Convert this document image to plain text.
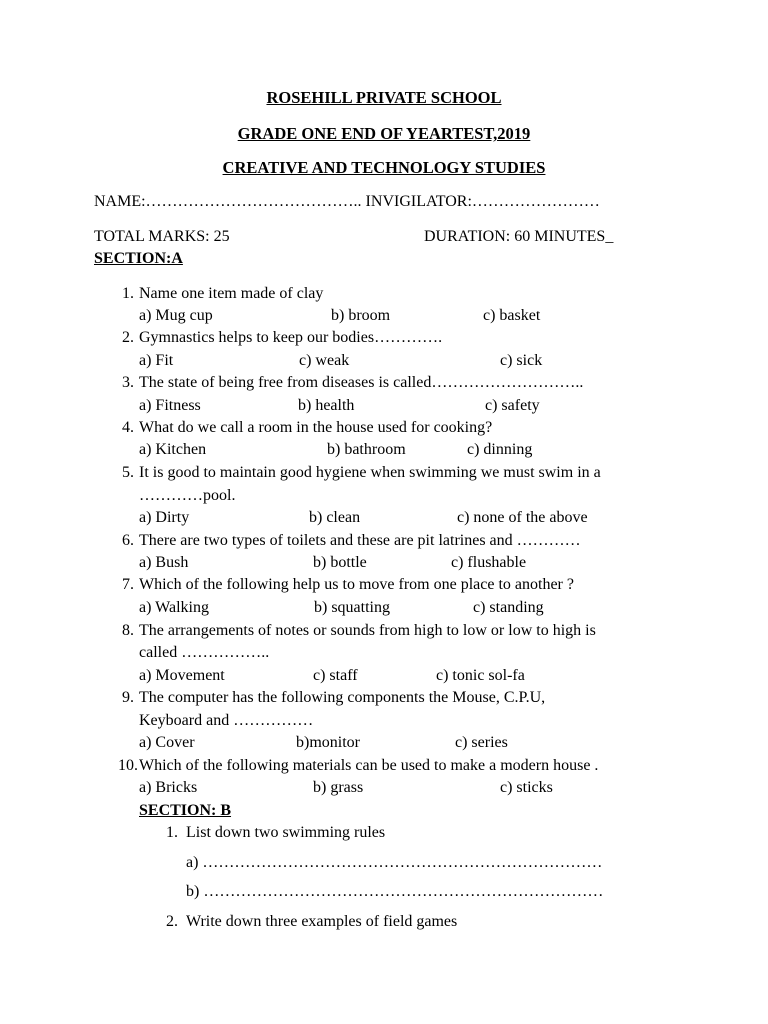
ROSEHILL PRIVATE SCHOOL
GRADE ONE END OF YEARTEST,2019
CREATIVE AND TECHNOLOGY STUDIES
NAME:………………………………….. INVIGILATOR:……………………
TOTAL MARKS: 25	DURATION: 60 MINUTES_
SECTION:A
1. Name one item made of clay
a) Mug cup	b) broom	c) basket
2. Gymnastics helps to keep our bodies………….
a) Fit	c) weak	c) sick
3. The state of being free from diseases is called………………………..
a) Fitness	b) health	c) safety
4. What do we call a room in the house used for cooking?
a) Kitchen	b) bathroom	c) dinning
5. It is good to maintain good hygiene when swimming we must swim in a
…………pool.
a) Dirty	b) clean	c) none of the above
6. There are two types of toilets and these are pit latrines and …………
a) Bush	b) bottle	c) flushable
7. Which of the following help us to move from one place to another ?
a) Walking	b) squatting	c) standing
8. The arrangements of notes or sounds from high to low or low to high is
called ……………..
a) Movement	c) staff	c) tonic sol-fa
9. The computer has the following components the Mouse, C.P.U,
Keyboard and ……………
a) Cover	b)monitor	c) series
10. Which of the following materials can be used to make a modern house .
a) Bricks	b) grass	c) sticks
SECTION: B
1. List down two swimming rules
a) …………………………………………………………………
b) …………………………………………………………………
2. Write down three examples of field games
